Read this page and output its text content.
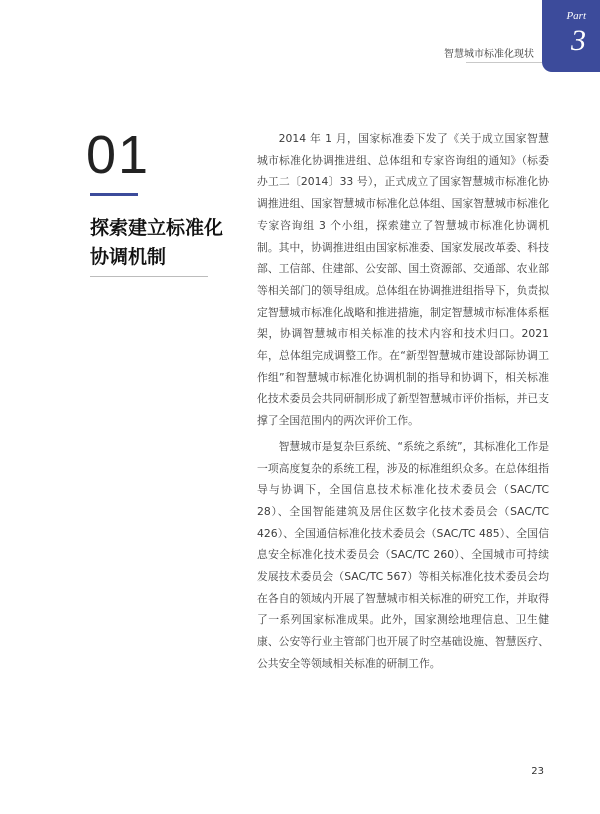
Part
3
智慧城市标准化现状
01
探索建立标准化协调机制

2014 年 1 月，国家标准委下发了《关于成立国家智慧城市标准化协调推进组、总体组和专家咨询组的通知》（标委办工二〔2014〕33 号），正式成立了国家智慧城市标准化协调推进组、国家智慧城市标准化总体组、国家智慧城市标准化专家咨询组 3 个小组，探索建立了智慧城市标准化协调机制。其中，协调推进组由国家标准委、国家发展改革委、科技部、工信部、住建部、公安部、国土资源部、交通部、农业部等相关部门的领导组成。总体组在协调推进组指导下，负责拟定智慧城市标准化战略和推进措施，制定智慧城市标准体系框架，协调智慧城市相关标准的技术内容和技术归口。2021 年，总体组完成调整工作。在“新型智慧城市建设部际协调工作组”和智慧城市标准化协调机制的指导和协调下，相关标准化技术委员会共同研制形成了新型智慧城市评价指标，并已支撑了全国范围内的两次评价工作。

智慧城市是复杂巨系统、“系统之系统”，其标准化工作是一项高度复杂的系统工程，涉及的标准组织众多。在总体组指导与协调下，全国信息技术标准化技术委员会（SAC/TC 28）、全国智能建筑及居住区数字化技术委员会（SAC/TC 426）、全国通信标准化技术委员会（SAC/TC 485）、全国信息安全标准化技术委员会（SAC/TC 260）、全国城市可持续发展技术委员会（SAC/TC 567）等相关标准化技术委员会均在各自的领域内开展了智慧城市相关标准的研究工作，并取得了一系列国家标准成果。此外，国家测绘地理信息、卫生健康、公安等行业主管部门也开展了时空基础设施、智慧医疗、公共安全等领域相关标准的研制工作。

23
